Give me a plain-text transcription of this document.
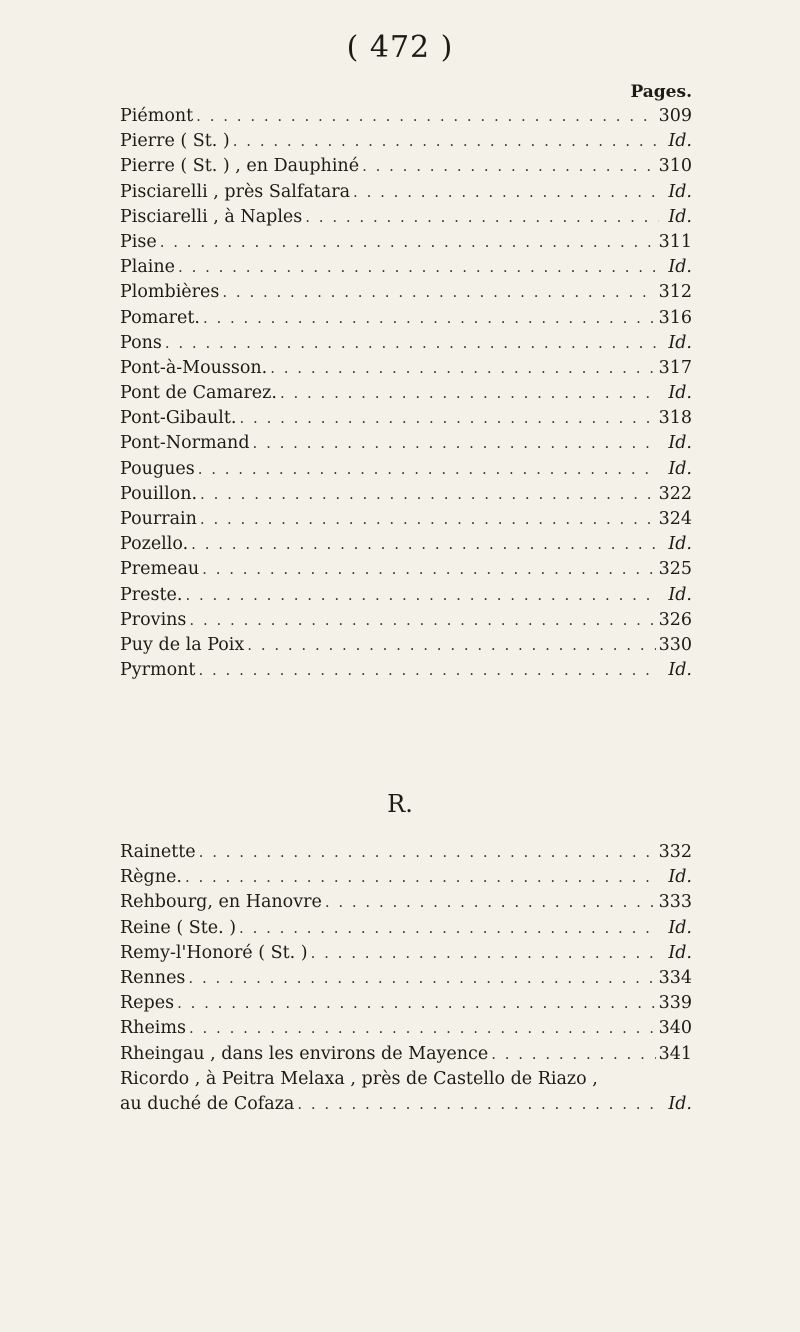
( 472 )
Pages.
Piémont . . .	309
Pierre ( St. ) . . .	Id.
Pierre ( St. ) , en Dauphiné . . .	310
Pisciarelli , près Salfatara . . .	Id.
Pisciarelli , à Naples . . .	Id.
Pise . . .	311
Plaine . . .	Id.
Plombières . . .	312
Pomaret. . . .	316
Pons . . .	Id.
Pont-à-Mousson. . . .	317
Pont de Camarez. . . .	Id.
Pont-Gibault. . . .	318
Pont-Normand . . .	Id.
Pougues . . .	Id.
Pouillon. . . .	322
Pourrain . . .	324
Pozello. . . .	Id.
Premeau . . .	325
Preste. . . .	Id.
Provins . . .	326
Puy de la Poix . . .	330
Pyrmont . . .	Id.
R.
Rainette . . .	332
Règne. . . .	Id.
Rehbourg, en Hanovre . . .	333
Reine ( Ste. ) . . .	Id.
Remy-l'Honoré ( St. ) . . .	Id.
Rennes . . .	334
Repes . . .	339
Rheims . . .	340
Rheingau , dans les environs de Mayence . . .	341
Ricordo , à Peitra Melaxa , près de Castello de Riazo ,
au duché de Cofaza . . .	Id.
